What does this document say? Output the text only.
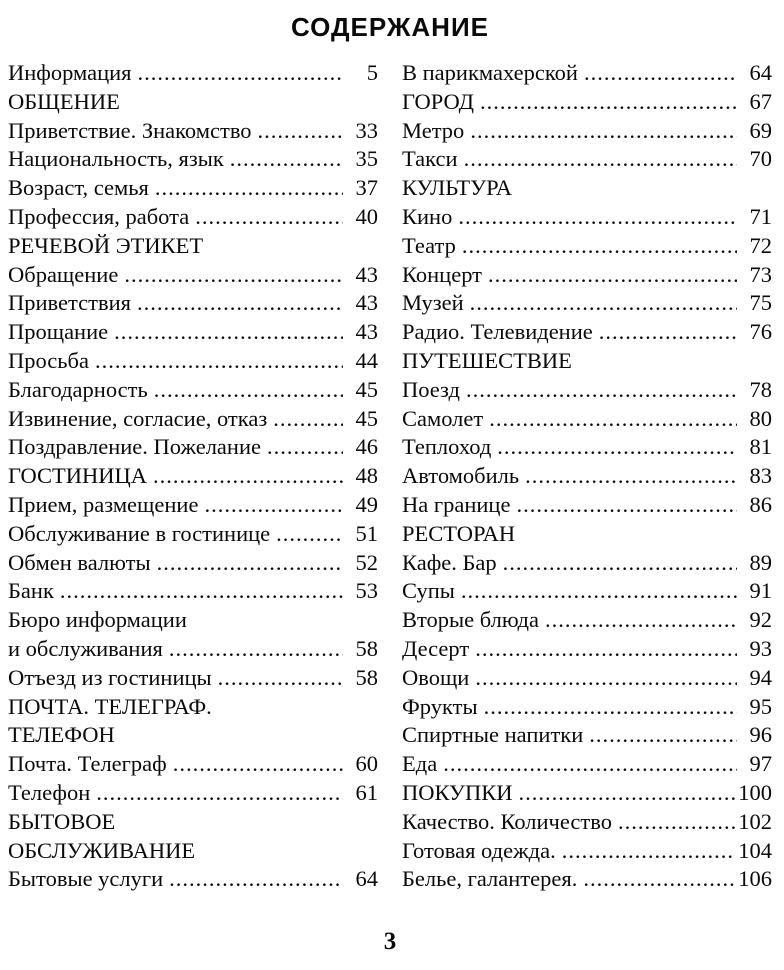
СОДЕРЖАНИЕ
Информация .....	5
ОБЩЕНИЕ
Приветствие. Знакомство .....	33
Национальность, язык .....	35
Возраст, семья .....	37
Профессия, работа .....	40
РЕЧЕВОЙ ЭТИКЕТ
Обращение .....	43
Приветствия .....	43
Прощание .....	43
Просьба .....	44
Благодарность .....	45
Извинение, согласие, отказ .....	45
Поздравление. Пожелание .....	46
ГОСТИНИЦА .....	48
Прием, размещение .....	49
Обслуживание в гостинице .....	51
Обмен валюты .....	52
Банк .....	53
Бюро информации
и обслуживания .....	58
Отъезд из гостиницы .....	58
ПОЧТА. ТЕЛЕГРАФ.
ТЕЛЕФОН
Почта. Телеграф .....	60
Телефон .....	61
БЫТОВОЕ
ОБСЛУЖИВАНИЕ
Бытовые услуги .....	64
В парикмахерской .....	64
ГОРОД .....	67
Метро .....	69
Такси .....	70
КУЛЬТУРА
Кино .....	71
Театр .....	72
Концерт .....	73
Музей .....	75
Радио. Телевидение .....	76
ПУТЕШЕСТВИЕ
Поезд .....	78
Самолет .....	80
Теплоход .....	81
Автомобиль .....	83
На границе .....	86
РЕСТОРАН
Кафе. Бар .....	89
Супы .....	91
Вторые блюда .....	92
Десерт .....	93
Овощи .....	94
Фрукты .....	95
Спиртные напитки .....	96
Еда .....	97
ПОКУПКИ .....	100
Качество. Количество .....	102
Готовая одежда. .....	104
Белье, галантерея. .....	106
3
